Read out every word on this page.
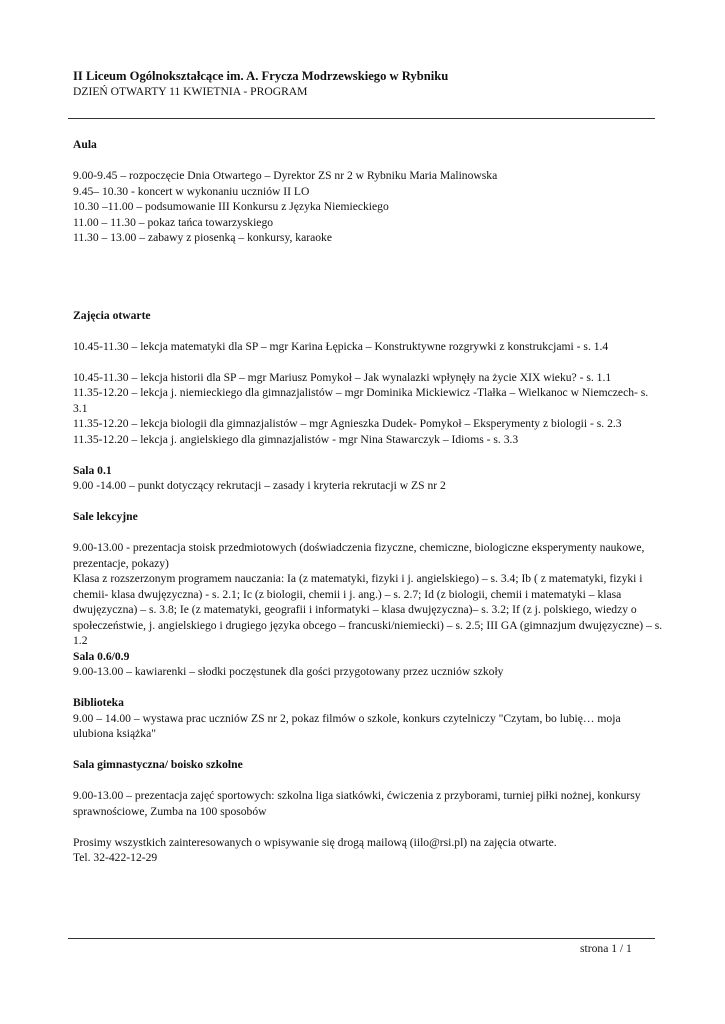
II Liceum Ogólnokształcące im. A. Frycza Modrzewskiego w Rybniku
DZIEŃ OTWARTY 11 KWIETNIA - PROGRAM

Aula

9.00-9.45 – rozpoczęcie Dnia Otwartego – Dyrektor ZS nr 2 w Rybniku Maria Malinowska

9.45– 10.30 - koncert w wykonaniu uczniów II LO

10.30 –11.00 – podsumowanie III Konkursu z Języka Niemieckiego

11.00 – 11.30 – pokaz tańca towarzyskiego

11.30 – 13.00 – zabawy z piosenką – konkursy, karaoke

Zajęcia otwarte

10.45-11.30 – lekcja matematyki dla SP – mgr Karina Łępicka – Konstruktywne rozgrywki z konstrukcjami - s. 1.4

10.45-11.30 – lekcja historii dla SP – mgr Mariusz Pomykoł – Jak wynalazki wpłynęły na życie XIX wieku? - s. 1.1

11.35-12.20 – lekcja j. niemieckiego dla gimnazjalistów – mgr Dominika Mickiewicz -Tlałka – Wielkanoc w Niemczech- s. 3.1

11.35-12.20 – lekcja biologii dla gimnazjalistów – mgr Agnieszka Dudek- Pomykoł – Eksperymenty z biologii - s. 2.3

11.35-12.20 – lekcja j. angielskiego dla gimnazjalistów - mgr Nina Stawarczyk – Idioms - s. 3.3

Sala 0.1

9.00 -14.00 – punkt dotyczący rekrutacji – zasady i kryteria rekrutacji w ZS nr 2

Sale lekcyjne

9.00-13.00 - prezentacja stoisk przedmiotowych (doświadczenia fizyczne, chemiczne, biologiczne eksperymenty naukowe, prezentacje, pokazy)

Klasa z rozszerzonym programem nauczania: Ia (z matematyki, fizyki i j. angielskiego) – s. 3.4; Ib ( z matematyki, fizyki i chemii- klasa dwujęzyczna) - s. 2.1; Ic (z biologii, chemii i j. ang.) – s. 2.7; Id (z biologii, chemii i matematyki – klasa dwujęzyczna) – s. 3.8; Ie (z matematyki, geografii i informatyki – klasa dwujęzyczna)– s. 3.2; If (z j. polskiego, wiedzy o społeczeństwie, j. angielskiego i drugiego języka obcego – francuski/niemiecki) – s. 2.5; III GA (gimnazjum dwujęzyczne) – s. 1.2

Sala 0.6/0.9

9.00-13.00 – kawiarenki – słodki poczęstunek dla gości przygotowany przez uczniów szkoły

Biblioteka

9.00 – 14.00 – wystawa prac uczniów ZS nr 2, pokaz filmów o szkole, konkurs czytelniczy "Czytam, bo lubię… moja ulubiona książka"

Sala gimnastyczna/ boisko szkolne

9.00-13.00 – prezentacja zajęć sportowych: szkolna liga siatkówki, ćwiczenia z przyborami, turniej piłki nożnej, konkursy sprawnościowe, Zumba na 100 sposobów

Prosimy wszystkich zainteresowanych o wpisywanie się drogą mailową (iilo@rsi.pl) na zajęcia otwarte.

Tel. 32-422-12-29

strona 1 / 1
